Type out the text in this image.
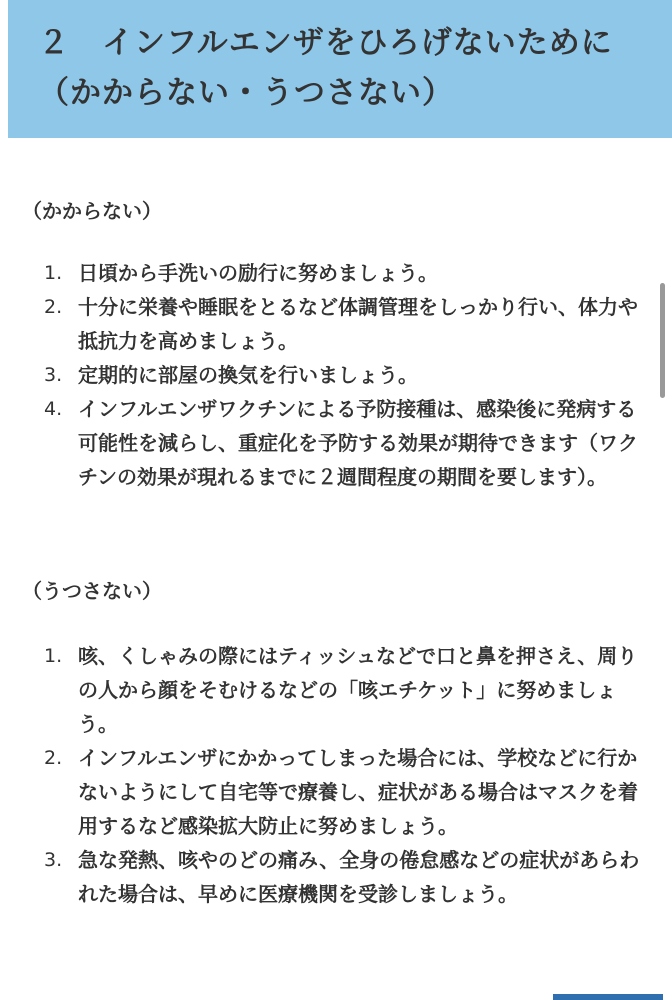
２　インフルエンザをひろげないために（かからない・うつさない）
（かからない）
1. 日頃から手洗いの励行に努めましょう。
2. 十分に栄養や睡眠をとるなど体調管理をしっかり行い、体力や抵抗力を高めましょう。
3. 定期的に部屋の換気を行いましょう。
4. インフルエンザワクチンによる予防接種は、感染後に発病する可能性を減らし、重症化を予防する効果が期待できます（ワクチンの効果が現れるまでに２週間程度の期間を要します）。
（うつさない）
1. 咳、くしゃみの際にはティッシュなどで口と鼻を押さえ、周りの人から顔をそむけるなどの「咳エチケット」に努めましょう。
2. インフルエンザにかかってしまった場合には、学校などに行かないようにして自宅等で療養し、症状がある場合はマスクを着用するなど感染拡大防止に努めましょう。
3. 急な発熱、咳やのどの痛み、全身の倦怠感などの症状があらわれた場合は、早めに医療機関を受診しましょう。
